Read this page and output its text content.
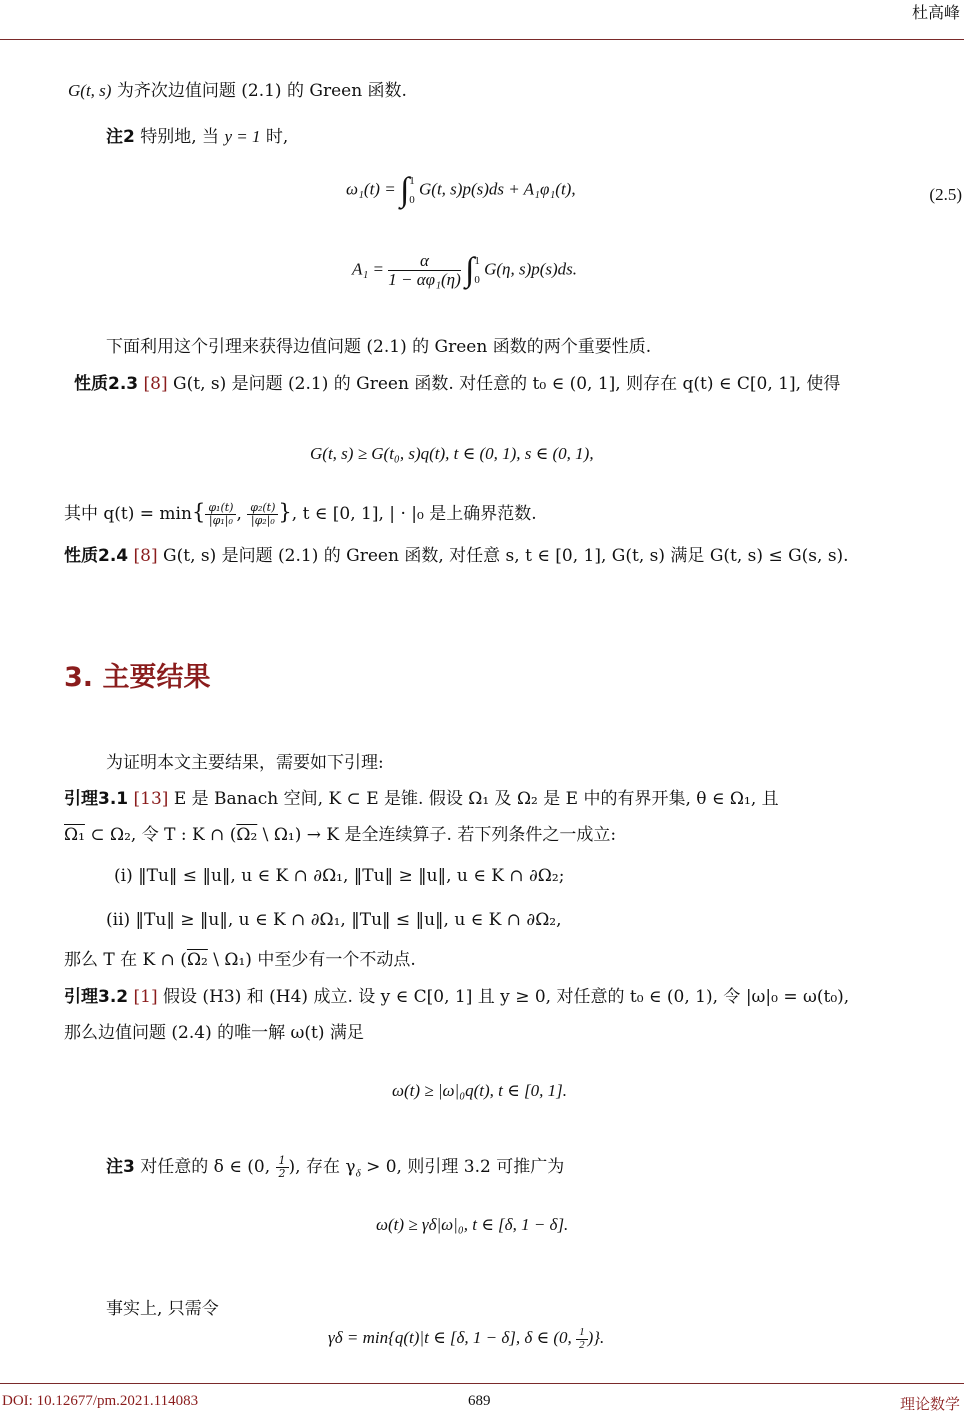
杜高峰
G(t, s) 为齐次边值问题 (2.1) 的 Green 函数.
注2 特别地, 当 y = 1 时,
ω₁(t) = ∫ 1
0
G(t, s)p(s)ds + A₁φ₁(t),	(2.5)
$A_1 = \frac{\alpha}{\text{1 − αφ₁(η)}}$ ∫ 1
0
G(η, s)p(s)ds.
下面利用这个引理来获得边值问题 (2.1) 的 Green 函数的两个重要性质.
性质2.3 [8] G(t, s) 是问题 (2.1) 的 Green 函数. 对任意的 t₀ ∈ (0, 1], 则存在 q(t) ∈ C[0, 1], 使得
G(t, s) ≥ G(t₀, s)q(t), t ∈ (0, 1), s ∈ (0, 1),
其中 $q(t) = \min\{ \frac{\text{φ₁(t)}}{\text{|φ₁|₀}}$ , $\frac{\text{φ₂(t)}}{\text{|φ₂|₀}}$ }, t ∈ [0, 1], | · |₀ 是上确界范数.
性质2.4 [8] G(t, s) 是问题 (2.1) 的 Green 函数, 对任意 s, t ∈ [0, 1], G(t, s) 满足 G(t, s) ≤ G(s, s).
3. 主要结果
为证明本文主要结果，需要如下引理:
引理3.1 [13] E 是 Banach 空间, K ⊂ E 是锥. 假设 Ω₁ 及 Ω₂ 是 E 中的有界开集, θ ∈ Ω₁, 且
Ω₁ ⊂ Ω₂, 令 T : K ∩ (Ω₂ \ Ω₁) → K 是全连续算子. 若下列条件之一成立:
(i) ‖Tu‖ ≤ ‖u‖, u ∈ K ∩ ∂Ω₁, ‖Tu‖ ≥ ‖u‖, u ∈ K ∩ ∂Ω₂;
(ii) ‖Tu‖ ≥ ‖u‖, u ∈ K ∩ ∂Ω₁, ‖Tu‖ ≤ ‖u‖, u ∈ K ∩ ∂Ω₂,
那么 T 在 K ∩ (Ω₂ \ Ω₁) 中至少有一个不动点.
引理3.2 [1] 假设 (H3) 和 (H4) 成立. 设 y ∈ C[0, 1] 且 y ≥ 0, 对任意的 t₀ ∈ (0, 1), 令 |ω|₀ = ω(t₀),
那么边值问题 (2.4) 的唯一解 ω(t) 满足
ω(t) ≥ |ω|₀q(t), t ∈ [0, 1].
注3 对任意的 δ ∈ (0, $\frac{1}{2}$ ), 存在 $\gamma_\delta > 0$, 则引理 3.2 可推广为
ω(t) ≥ γδ|ω|₀, t ∈ [δ, 1 − δ].
事实上, 只需令
γδ = min{q(t)|t ∈ [δ, 1 − δ], δ ∈ (0, $\frac{1}{2}$ )}.
DOI: 10.12677/pm.2021.114083	689	理论数学
